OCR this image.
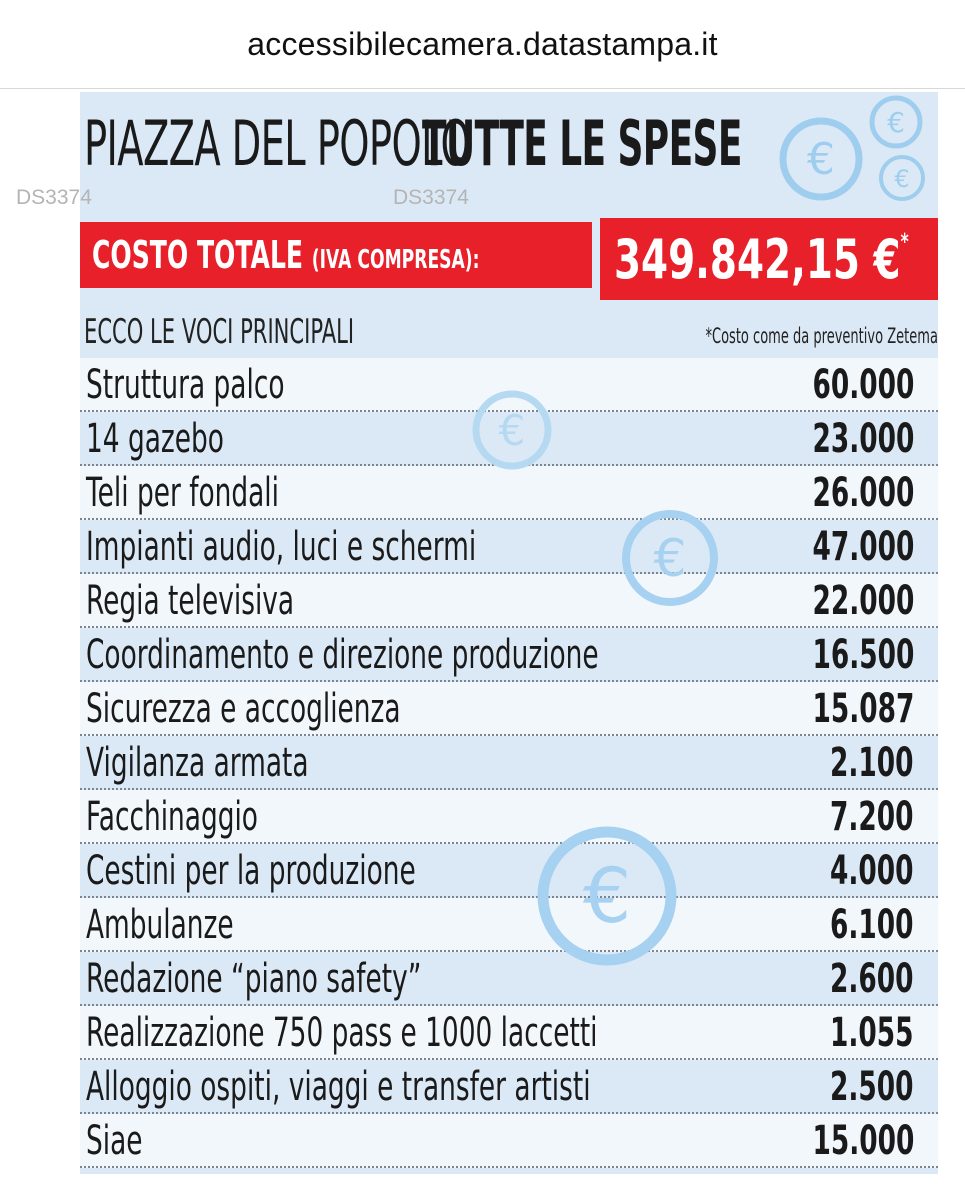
accessibilecamera.datastampa.it
PIAZZA DEL POPOLO
TUTTE LE SPESE €
€
€
DS3374	DS3374
COSTO TOTALE (IVA COMPRESA): 349.842,15 €*
ECCO LE VOCI PRINCIPALI	*Costo come da preventivo Zetema
Struttura palco	60.000
14 gazebo	23.000
Teli per fondali	26.000
Impianti audio, luci e schermi	47.000
Regia televisiva	22.000
Coordinamento e direzione produzione	16.500
Sicurezza e accoglienza	15.087
Vigilanza armata	2.100
Facchinaggio	7.200
Cestini per la produzione	4.000
Ambulanze	6.100
Redazione “piano safety”	2.600
Realizzazione 750 pass e 1000 laccetti	1.055
Alloggio ospiti, viaggi e transfer artisti	2.500
Siae	15.000
€
€
€
